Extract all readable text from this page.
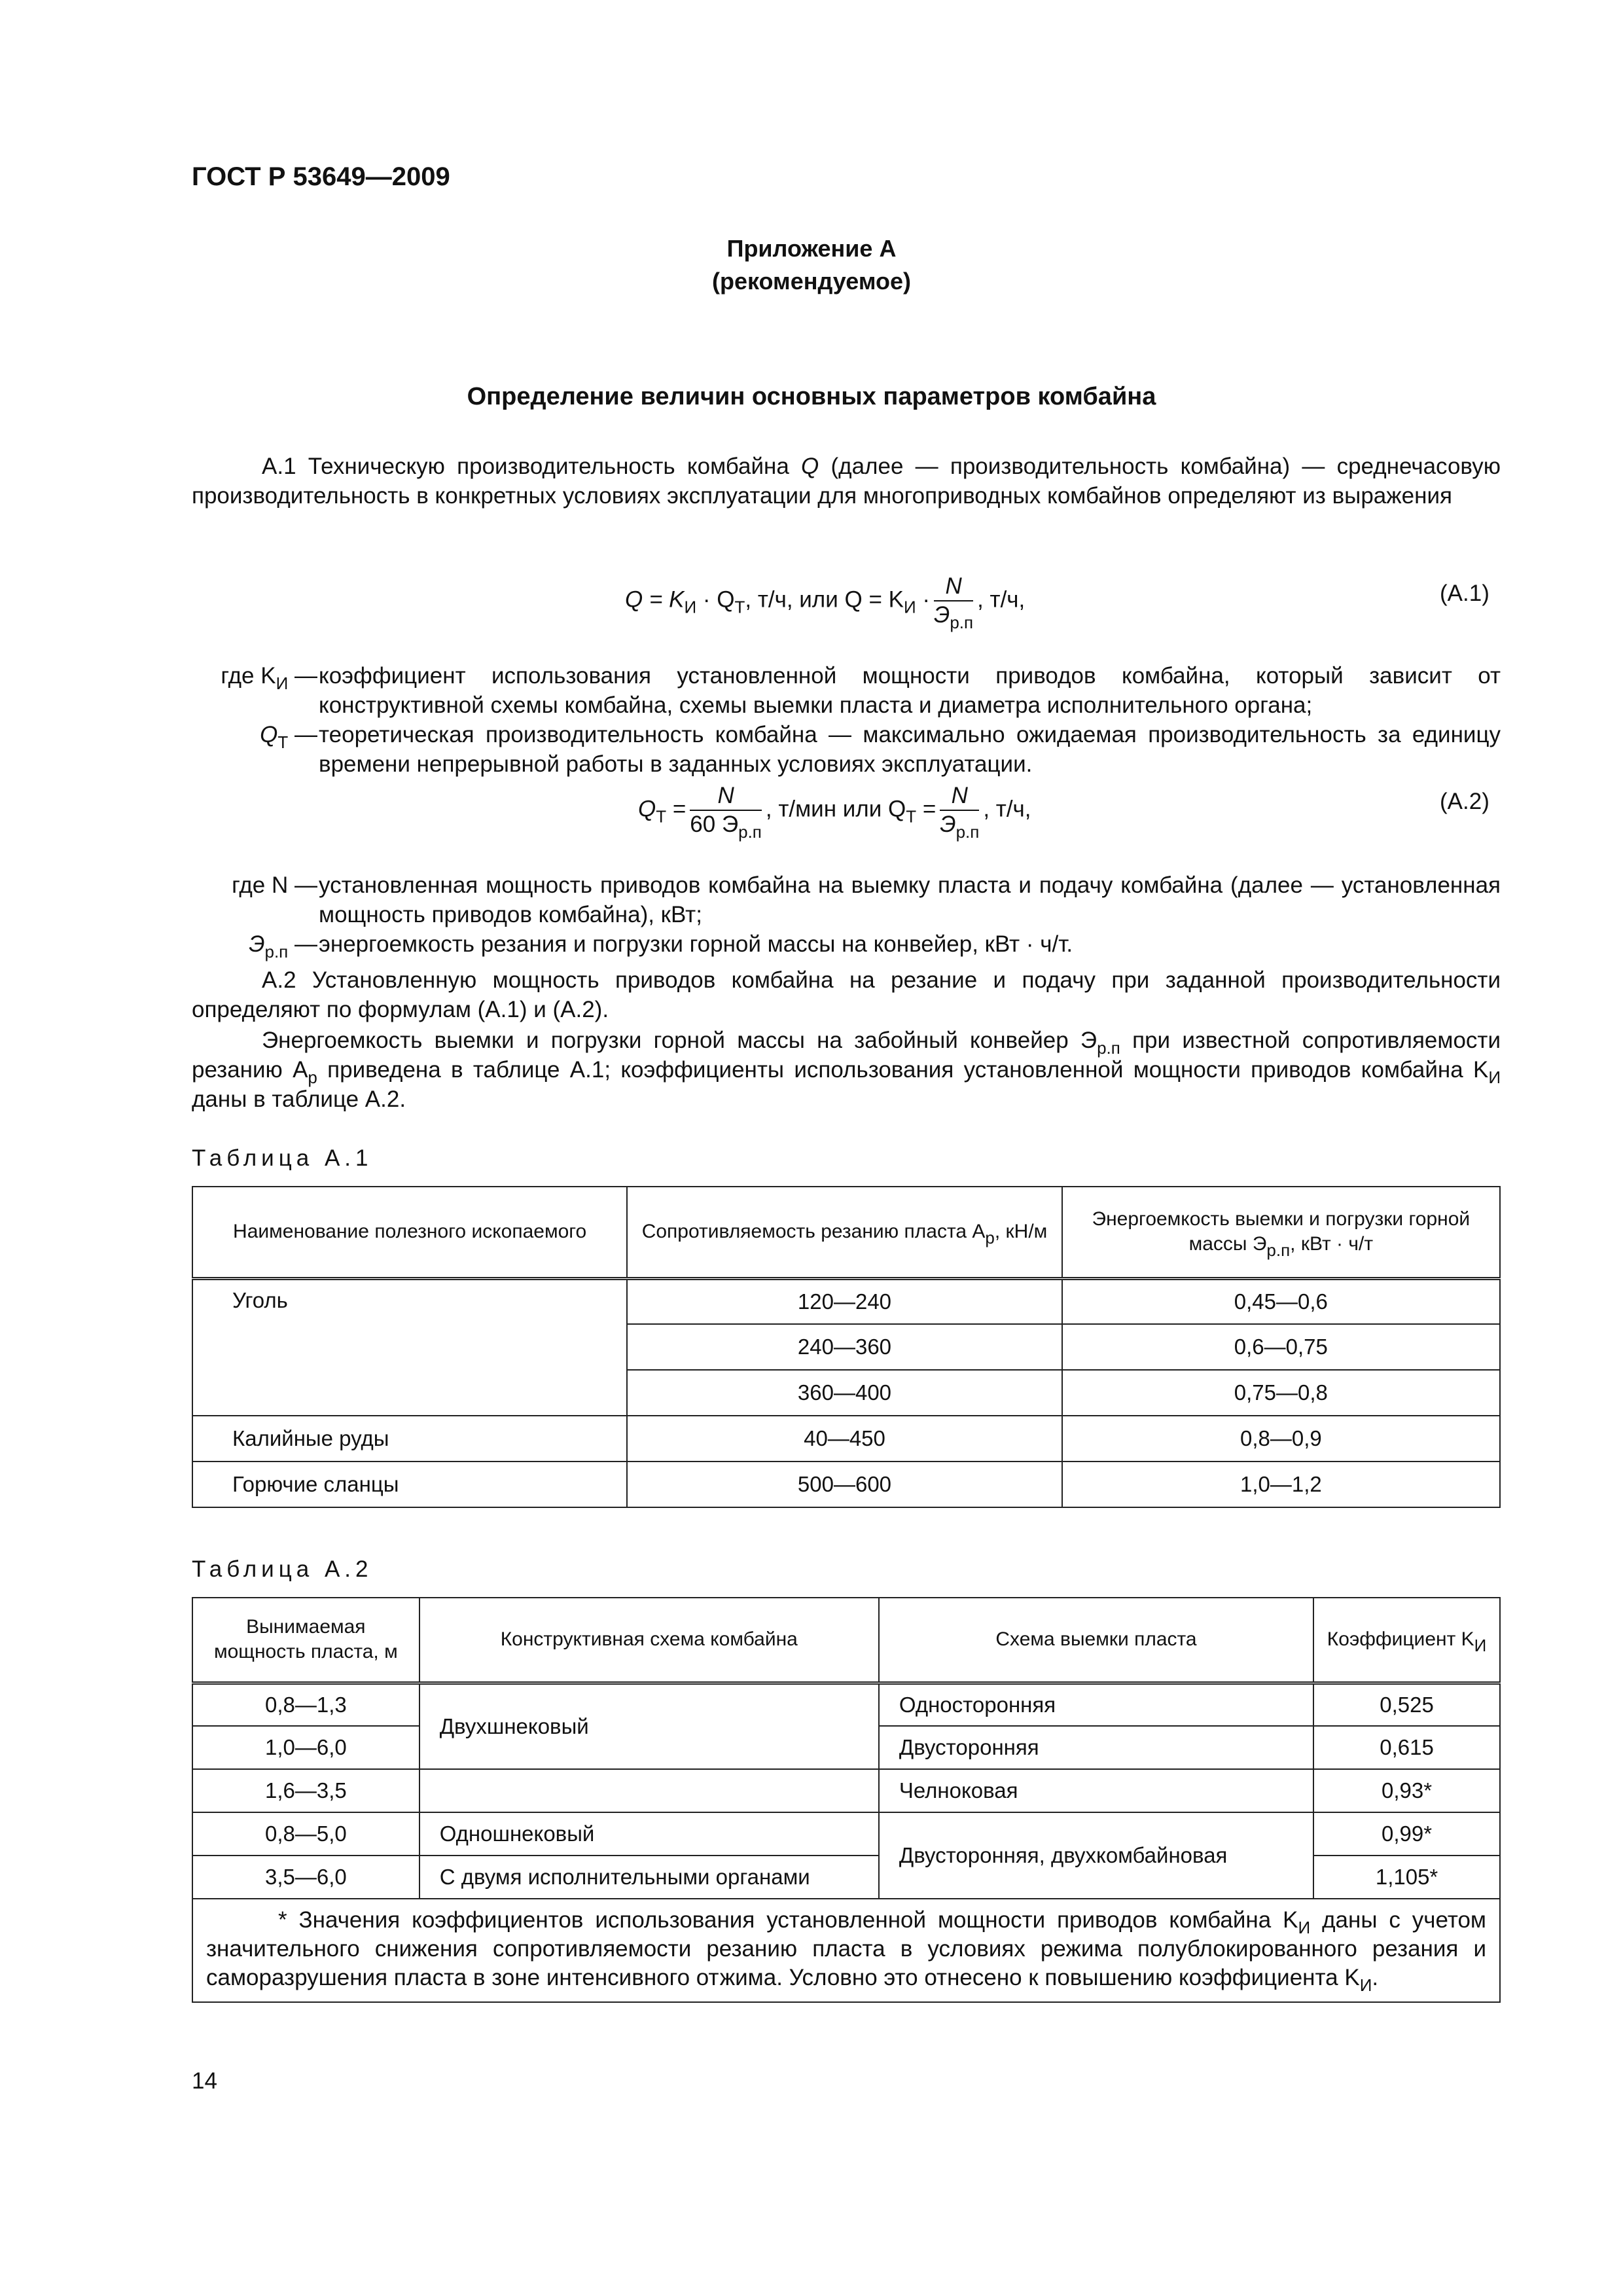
ГОСТ Р 53649—2009
Приложение А
(рекомендуемое)
Определение величин основных параметров комбайна
А.1 Техническую производительность комбайна Q (далее — производительность комбайна) — среднечасовую производительность в конкретных условиях эксплуатации для многоприводных комбайнов определяют из выражения
$Q = K_И \cdot Q_Т$, т/ч, или $Q = K_И \cdot \frac{N}{Э_{р.п}}$ , т/ч,	(А.1)
где $K_И$ — коэффициент использования установленной мощности приводов комбайна, который зависит от конструктивной схемы комбайна, схемы выемки пласта и диаметра исполнительного органа;
$Q_Т$ — теоретическая производительность комбайна — максимально ожидаемая производительность за единицу времени непрерывной работы в заданных условиях эксплуатации.
$Q_Т = \frac{N}{60 Э_{р.п}}$ , т/мин или $Q_Т = \frac{N}{Э_{р.п}}$ , т/ч,	(А.2)
где N — установленная мощность приводов комбайна на выемку пласта и подачу комбайна (далее — установленная мощность приводов комбайна), кВт;
$Э_{р.п}$ — энергоемкость резания и погрузки горной массы на конвейер, кВт · ч/т.
А.2 Установленную мощность приводов комбайна на резание и подачу при заданной производительности определяют по формулам (А.1) и (А.2).
Энергоемкость выемки и погрузки горной массы на забойный конвейер $Э_{р.п}$ при известной сопротивляемости резанию $А_р$ приведена в таблице А.1; коэффициенты использования установленной мощности приводов комбайна $K_И$ даны в таблице А.2.
Таблица А.1
Наименование полезного ископаемого	Сопротивляемость резанию пласта $A_р$, кН/м	Энергоемкость выемки и погрузки горной массы $Э_{р.п}$, кВт · ч/т
Уголь	120—240	0,45—0,6
	240—360	0,6—0,75
	360—400	0,75—0,8
Калийные руды	40—450	0,8—0,9
Горючие сланцы	500—600	1,0—1,2
Таблица А.2
Вынимаемая мощность пласта, м	Конструктивная схема комбайна	Схема выемки пласта	Коэффициент $K_И$
0,8—1,3	Двухшнековый	Односторонняя	0,525
1,0—6,0		Двусторонняя	0,615
1,6—3,5		Челноковая	0,93*
0,8—5,0	Одношнековый	Двусторонняя, двухкомбайновая	0,99*
3,5—6,0	С двумя исполнительными органами		1,105*
* Значения коэффициентов использования установленной мощности приводов комбайна $K_И$ даны с учетом значительного снижения сопротивляемости резанию пласта в условиях режима полублокированного резания и саморазрушения пласта в зоне интенсивного отжима. Условно это отнесено к повышению коэффициента $K_И$.			
14
